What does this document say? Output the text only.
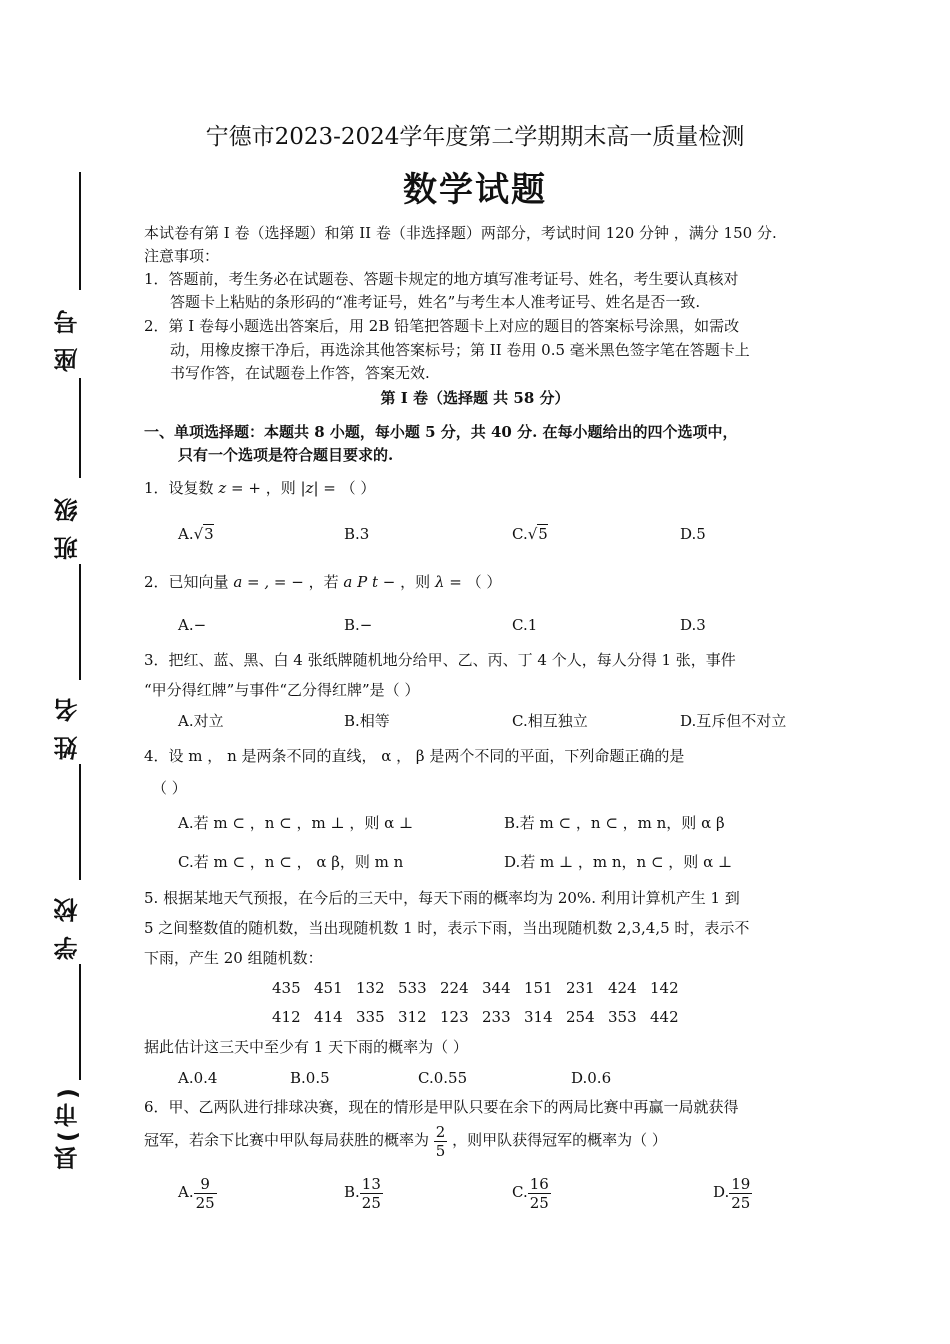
座号
班级
姓名
学校
县(市)
宁德市2023-2024学年度第二学期期末高一质量检测
数学试题
本试卷有第 I 卷（选择题）和第 II 卷（非选择题）两部分，考试时间 120 分钟 ，满分 150 分.
注意事项：
1．答题前，考生务必在试题卷、答题卡规定的地方填写准考证号、姓名，考生要认真核对
答题卡上粘贴的条形码的“准考证号，姓名”与考生本人准考证号、姓名是否一致.
2．第 I 卷每小题选出答案后，用 2B 铅笔把答题卡上对应的题目的答案标号涂黑，如需改
动，用橡皮擦干净后，再选涂其他答案标号；第 II 卷用 0.5 毫米黑色签字笔在答题卡上
书写作答，在试题卷上作答，答案无效.
第 I 卷（选择题 共 58 分）
一、单项选择题：本题共 8 小题，每小题 5 分，共 40 分. 在每小题给出的四个选项中，
只有一个选项是符合题目要求的.
1．设复数 z = + ，则 |z| = （ ）
A.√3	B.3	C.√5	D.5
2．已知向量 a = , = − ，若 a P t − ，则 λ = （ ）
A.−	B.−	C.1	D.3
3．把红、蓝、黑、白 4 张纸牌随机地分给甲、乙、丙、丁 4 个人，每人分得 1 张，事件
“甲分得红牌”与事件“乙分得红牌”是（ ）
A.对立	B.相等	C.相互独立	D.互斥但不对立
4．设 m ， n 是两条不同的直线， α ， β 是两个不同的平面，下列命题正确的是
（ ）
A.若 m ⊂ ，n ⊂ ，m ⊥ ，则 α ⊥	B.若 m ⊂ ，n ⊂ ，m n，则 α β
C.若 m ⊂ ，n ⊂ ， α β，则 m n	D.若 m ⊥ ，m n，n ⊂ ，则 α ⊥
5. 根据某地天气预报，在今后的三天中，每天下雨的概率均为 20%. 利用计算机产生 1 到
5 之间整数值的随机数，当出现随机数 1 时，表示下雨，当出现随机数 2,3,4,5 时，表示不
下雨，产生 20 组随机数：
435 451 132 533 224 344 151 231 424 142
412 414 335 312 123 233 314 254 353 442
据此估计这三天中至少有 1 天下雨的概率为（ ）
A.0.4	B.0.5	C.0.55	D.0.6
6．甲、乙两队进行排球决赛，现在的情形是甲队只要在余下的两局比赛中再赢一局就获得
冠军，若余下比赛中甲队每局获胜的概率为 $\frac{2}{5}$ ，则甲队获得冠军的概率为（ ）
A. $\frac{9}{25}$	B. $\frac{13}{25}$	C. $\frac{16}{25}$	D. $\frac{19}{25}$
